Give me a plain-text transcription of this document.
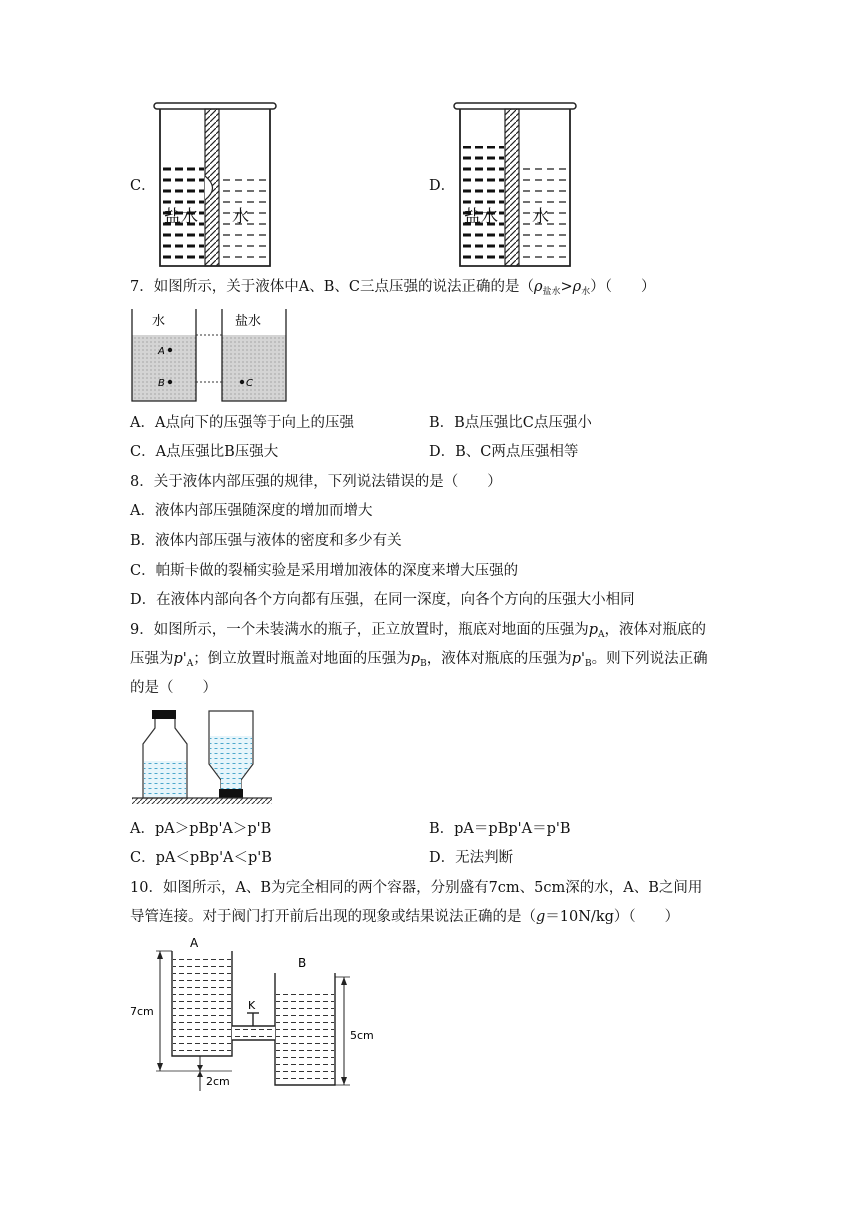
C．
盐水 水
D．
盐水 水
7．如图所示，关于液体中A、B、C三点压强的说法正确的是$(\rho_{盐水}>\rho_水)$（　　）
水	盐水
A
B	C
A．A点向下的压强等于向上的压强	B．B点压强比C点压强小
C．A点压强比B压强大	D．B、C两点压强相等
8．关于液体内部压强的规律，下列说法错误的是（　　）
A．液体内部压强随深度的增加而增大
B．液体内部压强与液体的密度和多少有关
C．帕斯卡做的裂桶实验是采用增加液体的深度来增大压强的
D．在液体内部向各个方向都有压强，在同一深度，向各个方向的压强大小相同
9．如图所示，一个未装满水的瓶子，正立放置时，瓶底对地面的压强为$p_A$，液体对瓶底的
压强为$p'_A$；倒立放置时瓶盖对地面的压强为$p_B$，液体对瓶底的压强为$p'_B$。则下列说法正确
的是（　　）
A．pA＞pBp'A＞p'B	B．pA＝pBp'A＝p'B
C．pA＜pBp'A＜p'B	D．无法判断
10．如图所示，A、B为完全相同的两个容器，分别盛有7cm、5cm深的水，A、B之间用
导管连接。对于阀门打开前后出现的现象或结果说法正确的是（g＝10N/kg）（　　）
A
B
K
7cm
2cm
5cm
